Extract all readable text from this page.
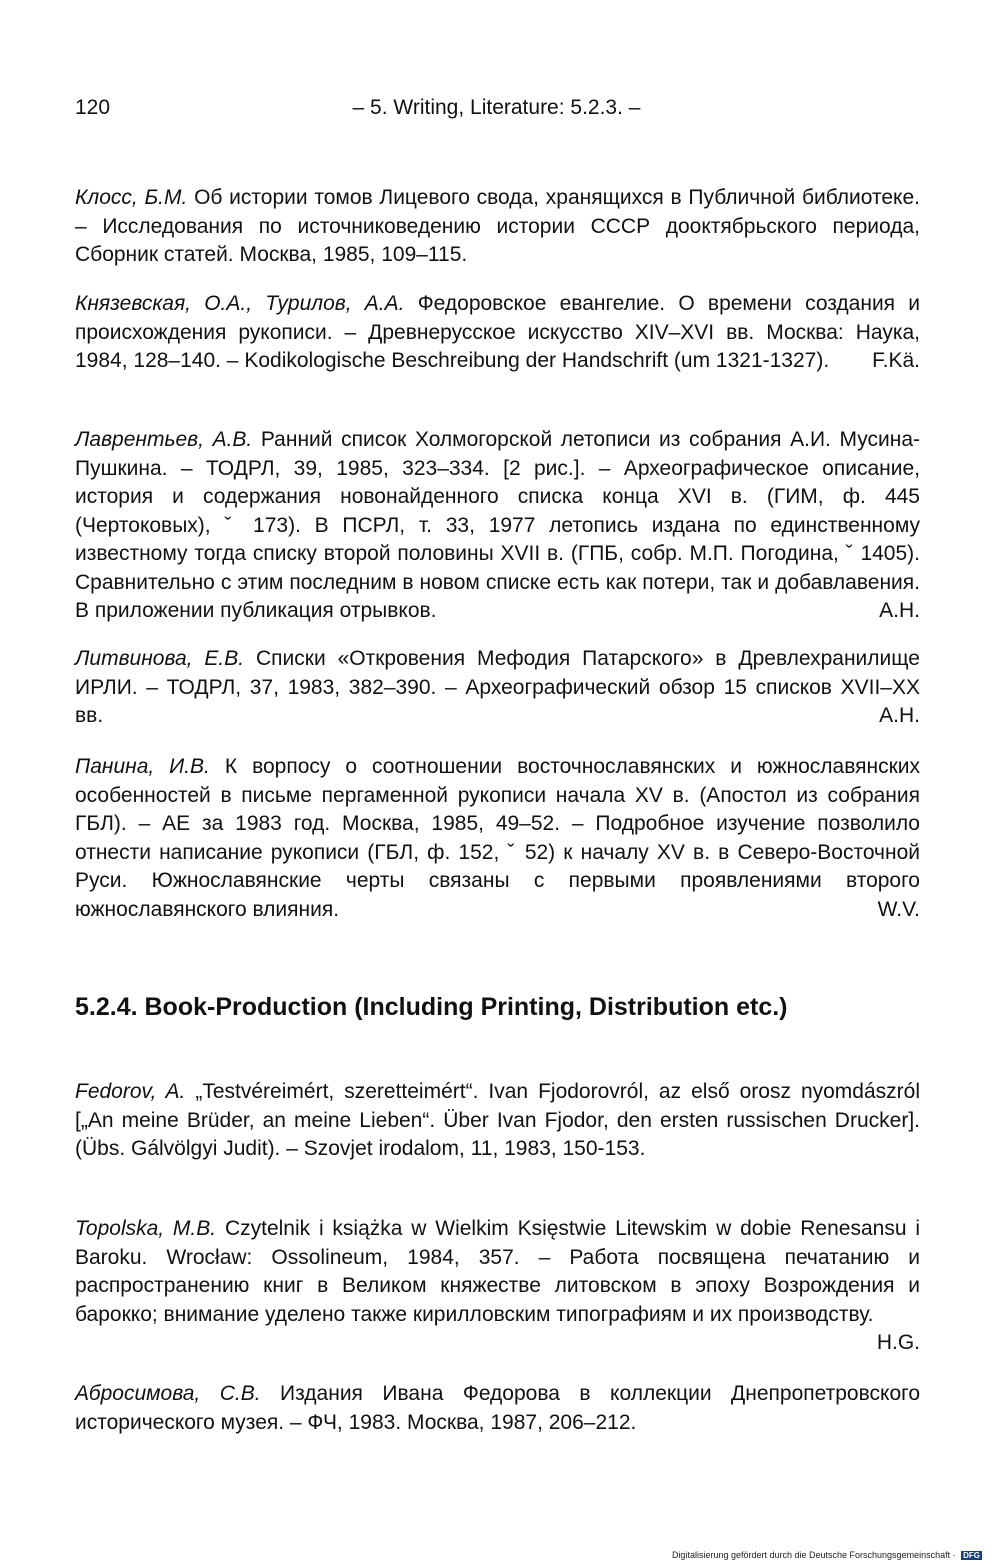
120	– 5. Writing, Literature: 5.2.3. –
Клосс, Б.М. Об истории томов Лицевого свода, хранящихся в Публичной библиотеке. – Исследования по источниковедению истории СССР дооктябрьского периода, Сборник статей. Москва, 1985, 109–115.
Князевская, О.А., Турилов, А.А. Федоровское евангелие. О времени создания и происхождения рукописи. – Древнерусское искусство XIV–XVI вв. Москва: Наука, 1984, 128–140. – Kodikologische Beschreibung der Handschrift (um 1321-1327). F.Kä.
Лаврентьев, А.В. Ранний список Холмогорской летописи из собрания А.И. Мусина-Пушкина. – ТОДРЛ, 39, 1985, 323–334. [2 рис.]. – Археографическое описание, история и содержания новонайденного списка конца XVI в. (ГИМ, ф. 445 (Чертоковых), ˇ 173). В ПСРЛ, т. 33, 1977 летопись издана по единственному известному тогда списку второй половины XVII в. (ГПБ, собр. М.П. Погодина, ˇ 1405). Сравнительно с этим последним в новом списке есть как потери, так и добавлавения. В приложении публикация отрывков.	А.Н.
Литвинова, Е.В. Списки «Откровения Мефодия Патарского» в Древлехранилище ИРЛИ. – ТОДРЛ, 37, 1983, 382–390. – Археографический обзор 15 списков XVII–XX вв.	А.Н.
Панина, И.В. К ворпосу о соотношении восточнославянских и южнославянских особенностей в письме пергаменной рукописи начала XV в. (Апостол из собрания ГБЛ). – АЕ за 1983 год. Москва, 1985, 49–52. – Подробное изучение позволило отнести написание рукописи (ГБЛ, ф. 152, ˇ 52) к началу XV в. в Северо-Восточной Руси. Южнославянские черты связаны с первыми проявлениями второго южнославянского влияния.	W.V.
5.2.4. Book-Production (Including Printing, Distribution etc.)
Fedorov, A. „Testvéreimért, szeretteimért“. Ivan Fjodorovról, az első orosz nyomdászról [„An meine Brüder, an meine Lieben“. Über Ivan Fjodor, den ersten russischen Drucker]. (Übs. Gálvölgyi Judit). – Szovjet irodalom, 11, 1983, 150-153.
Topolska, M.B. Czytelnik i książka w Wielkim Księstwie Litewskim w dobie Renesansu i Baroku. Wrocław: Ossolineum, 1984, 357. – Работа посвящена печатанию и распространению книг в Великом княжестве литовском в эпоху Возрождения и барокко; внимание уделено также кирилловским типографиям и их производству.
H.G.
Абросимова, С.В. Издания Ивана Федорова в коллекции Днепропетровского исторического музея. – ФЧ, 1983. Москва, 1987, 206–212.
Digitalisierung gefördert durch die Deutsche Forschungsgemeinschaft · DFG
